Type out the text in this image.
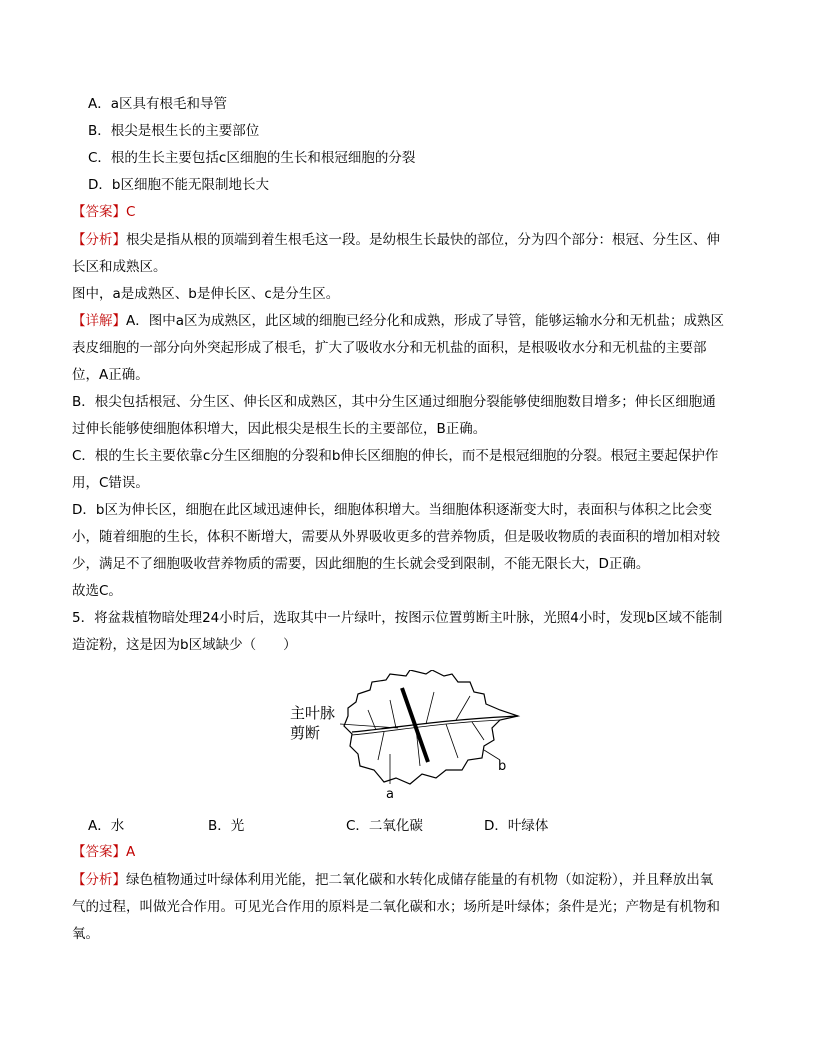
A．a区具有根毛和导管
B．根尖是根生长的主要部位
C．根的生长主要包括c区细胞的生长和根冠细胞的分裂
D．b区细胞不能无限制地长大
【答案】C
【分析】根尖是指从根的顶端到着生根毛这一段。是幼根生长最快的部位，分为四个部分：根冠、分生区、伸
长区和成熟区。
图中，a是成熟区、b是伸长区、c是分生区。
【详解】A．图中a区为成熟区，此区域的细胞已经分化和成熟，形成了导管，能够运输水分和无机盐；成熟区
表皮细胞的一部分向外突起形成了根毛，扩大了吸收水分和无机盐的面积，是根吸收水分和无机盐的主要部
位，A正确。
B．根尖包括根冠、分生区、伸长区和成熟区，其中分生区通过细胞分裂能够使细胞数目增多；伸长区细胞通
过伸长能够使细胞体积增大，因此根尖是根生长的主要部位，B正确。
C．根的生长主要依靠c分生区细胞的分裂和b伸长区细胞的伸长，而不是根冠细胞的分裂。根冠主要起保护作
用，C错误。
D．b区为伸长区，细胞在此区域迅速伸长，细胞体积增大。当细胞体积逐渐变大时，表面积与体积之比会变
小，随着细胞的生长，体积不断增大，需要从外界吸收更多的营养物质，但是吸收物质的表面积的增加相对较
少，满足不了细胞吸收营养物质的需要，因此细胞的生长就会受到限制，不能无限长大，D正确。
故选C。
5．将盆栽植物暗处理24小时后，选取其中一片绿叶，按图示位置剪断主叶脉，光照4小时，发现b区域不能制
造淀粉，这是因为b区域缺少（　　）
主叶脉
剪断
a
b
A．水	B．光	C．二氧化碳	D．叶绿体
【答案】A
【分析】绿色植物通过叶绿体利用光能，把二氧化碳和水转化成储存能量的有机物（如淀粉），并且释放出氧
气的过程，叫做光合作用。可见光合作用的原料是二氧化碳和水；场所是叶绿体；条件是光；产物是有机物和
氧。
